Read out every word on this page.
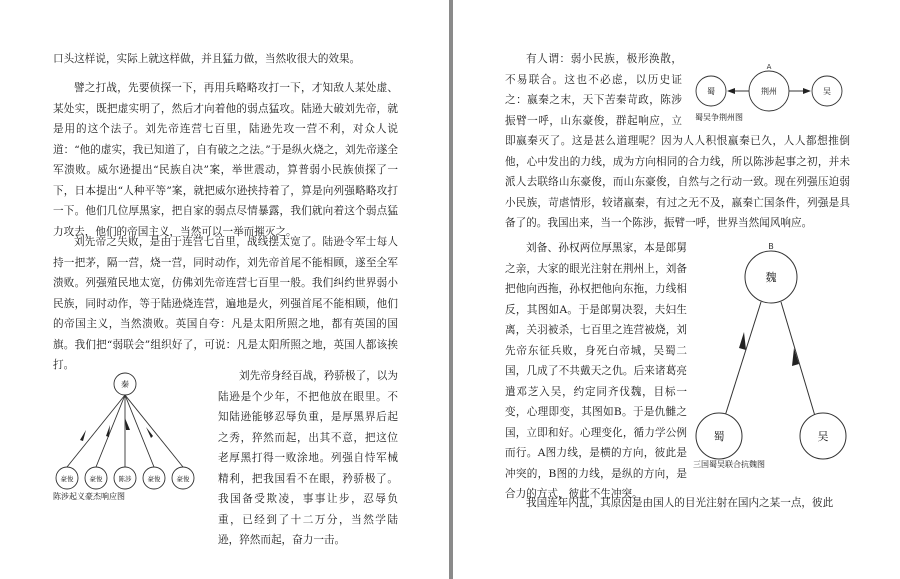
口头这样说，实际上就这样做，并且猛力做，当然收很大的效果。

譬之打战，先要侦探一下，再用兵略略攻打一下，才知敌人某处虚、某处实，既把虚实明了，然后才向着他的弱点猛攻。陆逊大破刘先帝，就是用的这个法子。刘先帝连营七百里，陆逊先攻一营不利，对众人说道：“他的虚实，我已知道了，自有破之之法。”于是纵火烧之，刘先帝遂全军溃败。威尔逊提出“民族自决”案，举世震动，算普弱小民族侦探了一下，日本提出“人种平等”案，就把威尔逊挟持着了，算是向列强略略攻打一下。他们几位厚黑家，把自家的弱点尽情暴露，我们就向着这个弱点猛力攻去，他们的帝国主义，当然可以一举而摧灭之。

刘先帝之失败，是由于连营七百里，战线摆太宽了。陆逊令军士每人持一把茅，隔一营，烧一营，同时动作，刘先帝首尾不能相顾，遂至全军溃败。列强殖民地太宽，仿佛刘先帝连营七百里一般。我们纠约世界弱小民族，同时动作，等于陆逊烧连营，遍地是火，列强首尾不能相顾，他们的帝国主义，当然溃败。英国自夸：凡是太阳所照之地，都有英国的国旗。我们把“弱联会”组织好了，可说：凡是太阳所照之地，英国人都该挨打。

刘先帝身经百战，矜骄极了，以为陆逊是个少年，不把他放在眼里。不知陆逊能够忍辱负重，是厚黑界后起之秀，猝然而起，出其不意，把这位老厚黑打得一败涂地。列强自恃军械精利，把我国看不在眼，矜骄极了。我国备受欺凌，事事让步，忍辱负重，已经到了十二万分，当然学陆逊，猝然而起，奋力一击。

秦
豪俊 豪俊 陈涉 豪俊 豪俊
陈涉起义豪杰响应图
A
蜀	荆州	吴
蜀吴争荆州图

有人谓：弱小民族，极形涣散，不易联合。这也不必虑，以历史证之：嬴秦之末，天下苦秦苛政，陈涉振臂一呼，山东豪俊，群起响应，立即嬴秦灭了。这是甚么道理呢？因为人人积恨嬴秦已久，人人都想推倒他，心中发出的力线，成为方向相同的合力线，所以陈涉起事之初，并未派人去联络山东豪俊，而山东豪俊，自然与之行动一致。现在列强压迫弱小民族，苛虐情形，较诸嬴秦，有过之无不及，嬴秦亡国条件，列强是具备了的。我国出来，当一个陈涉，振臂一呼，世界当然闻风响应。

刘备、孙权两位厚黑家，本是郎舅之亲，大家的眼光注射在荆州上，刘备把他向西拖，孙权把他向东拖，力线相反，其图如A。于是郎舅决裂，夫妇生离，关羽被杀，七百里之连营被烧，刘先帝东征兵败，身死白帝城，吴蜀二国，几成了不共戴天之仇。后来诸葛亮遣邓芝入吴，约定同齐伐魏，目标一变，心理即变，其图如B。于是仇雠之国，立即和好。心理变化，循力学公例而行。A图力线，是横的方向，彼此是冲突的，B图的力线，是纵的方向，是合力的方式，彼此不生冲突。

B
魏
蜀	吴
三国蜀吴联合抗魏图

我国连年内乱，其原因是由国人的目光注射在国内之某一点，彼此
